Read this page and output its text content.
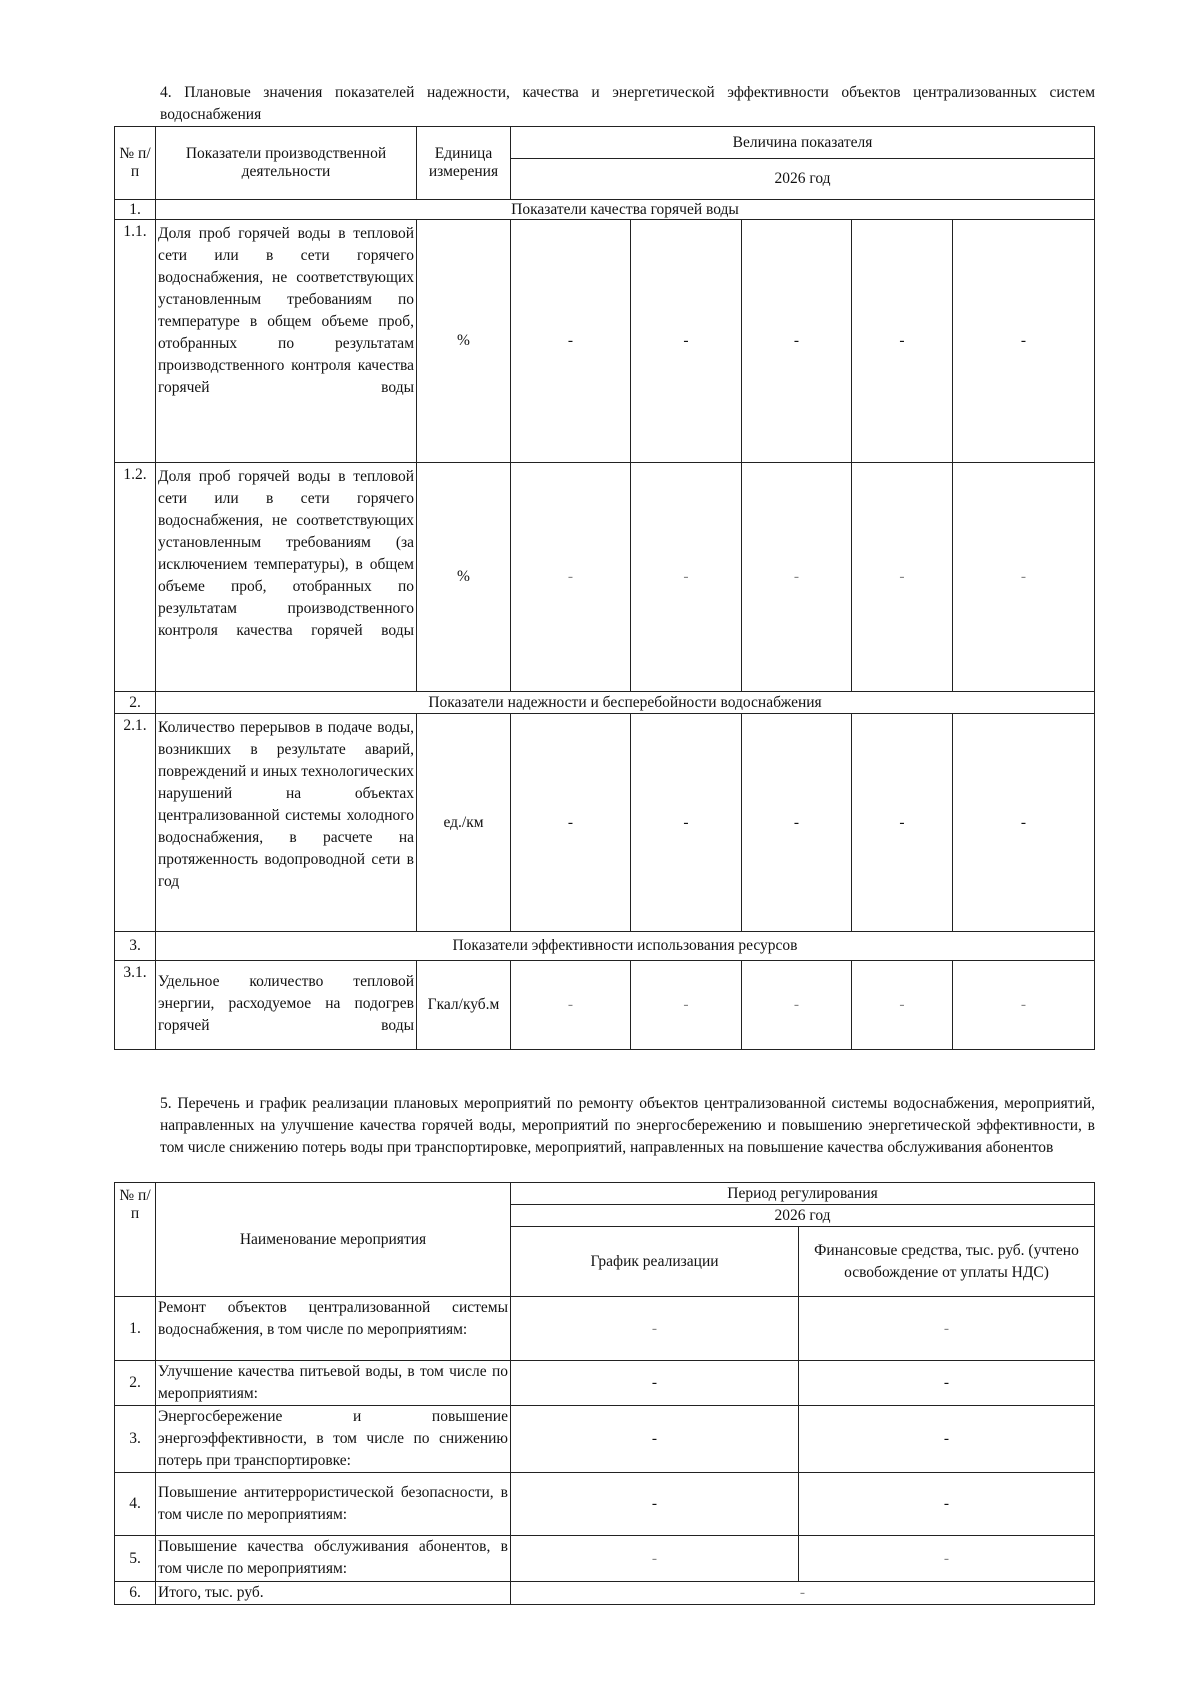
4. Плановые значения показателей надежности, качества и энергетической эффективности объектов централизованных систем водоснабжения
№ п/п	Показатели производственной деятельности	Единица измерения	Величина показателя				
			2026 год				
1.	Показатели качества горячей воды						
1.1.	Доля проб горячей воды в тепловой сети или в сети горячего водоснабжения, не соответствующих установленным требованиям по температуре в общем объеме проб, отобранных по результатам производственного контроля качества горячей воды	%	-	-	-	-	-
1.2.	Доля проб горячей воды в тепловой сети или в сети горячего водоснабжения, не соответствующих установленным требованиям (за исключением температуры), в общем объеме проб, отобранных по результатам производственного контроля качества горячей воды	%	-	-	-	-	-
2.	Показатели надежности и бесперебойности водоснабжения						
2.1.	Количество перерывов в подаче воды, возникших в результате аварий, повреждений и иных технологических нарушений на объектах централизованной системы холодного водоснабжения, в расчете на протяженность водопроводной сети в год	ед./км	-	-	-	-	-
3.	Показатели эффективности использования ресурсов						
3.1.	Удельное количество тепловой энергии, расходуемое на подогрев горячей воды	Гкал/куб.м	-	-	-	-	-
5. Перечень и график реализации плановых мероприятий по ремонту объектов централизованной системы водоснабжения, мероприятий, направленных на улучшение качества горячей воды, мероприятий по энергосбережению и повышению энергетической эффективности, в том числе снижению потерь воды при транспортировке, мероприятий, направленных на повышение качества обслуживания абонентов
№ п/п	Наименование мероприятия	Период регулирования	
		2026 год	
		График реализации	Финансовые средства, тыс. руб. (учтено освобождение от уплаты НДС)
1.	Ремонт объектов централизованной системы водоснабжения, в том числе по мероприятиям:	-	-
2.	Улучшение качества питьевой воды, в том числе по мероприятиям:	-	-
3.	Энергосбережение и повышение энергоэффективности, в том числе по снижению потерь при транспортировке:	-	-
4.	Повышение антитеррористической безопасности, в том числе по мероприятиям:	-	-
5.	Повышение качества обслуживания абонентов, в том числе по мероприятиям:	-	-
6.	Итого, тыс. руб.	-	
